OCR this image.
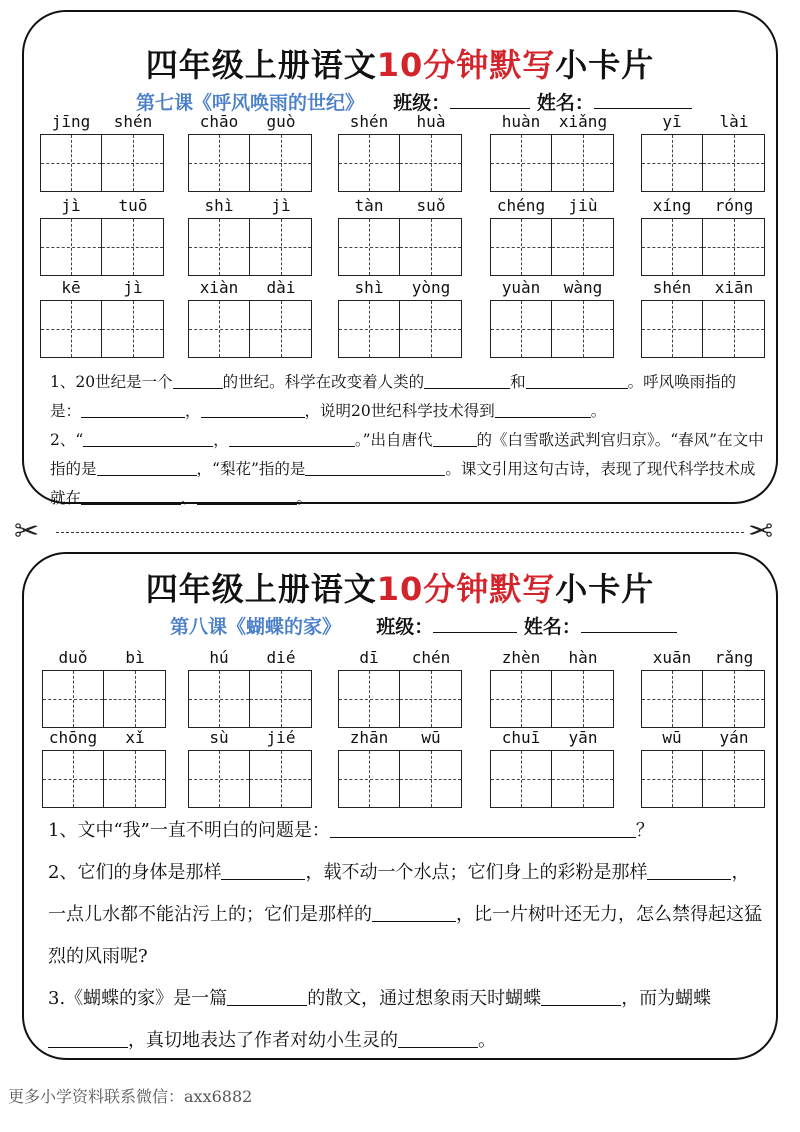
✂	✂
四年级上册语文10分钟默写小卡片
第七课《呼风唤雨的世纪》 班级：	姓名：
jīng	shén	chāo	guò	shén	huà	huàn	xiǎng	yī	lài
jì	tuō	shì	jì	tàn	suǒ	chéng	jiù	xíng	róng
kē	jì	xiàn	dài	shì	yòng	yuàn	wàng	shén	xiān
1、20世纪是一个	的世纪。科学在改变着人类的	和	。呼风唤雨指的是：	，	，说明20世纪科学技术得到	。
2、“	，	。”出自唐代	的《白雪歌送武判官归京》。“春风”在文中指的是	，“梨花”指的是	。课文引用这句古诗，表现了现代科学技术成就在	、	。
四年级上册语文10分钟默写小卡片
第八课《蝴蝶的家》 班级：	姓名：
duǒ	bì	hú	dié	dī	chén	zhèn	hàn	xuān	rǎng
chōng	xǐ	sù	jié	zhān	wū	chuī	yān	wū	yán
1、文中“我”一直不明白的问题是：	？
2、它们的身体是那样	，载不动一个水点；它们身上的彩粉是那样	，一点儿水都不能沾污上的；它们是那样的	，比一片树叶还无力，怎么禁得起这猛烈的风雨呢?
3.《蝴蝶的家》是一篇	的散文，通过想象雨天时蝴蝶	，而为蝴蝶，真切地表达了作者对幼小生灵的	。
更多小学资料联系微信：axx6882
